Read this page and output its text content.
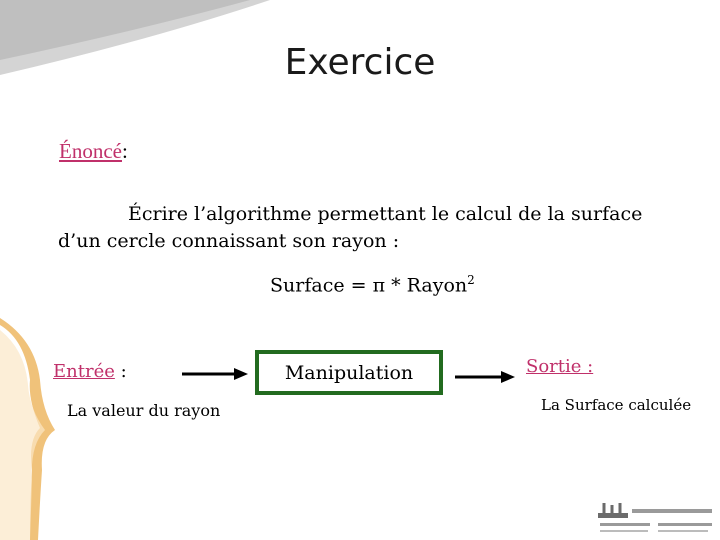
Exercice
Énoncé:
Écrire l’algorithme permettant le calcul de la surface d’un cercle connaissant son rayon :
Surface = π * Rayon$^2$
Entrée :
La valeur du rayon
Manipulation	Sortie :
La Surface calculée
